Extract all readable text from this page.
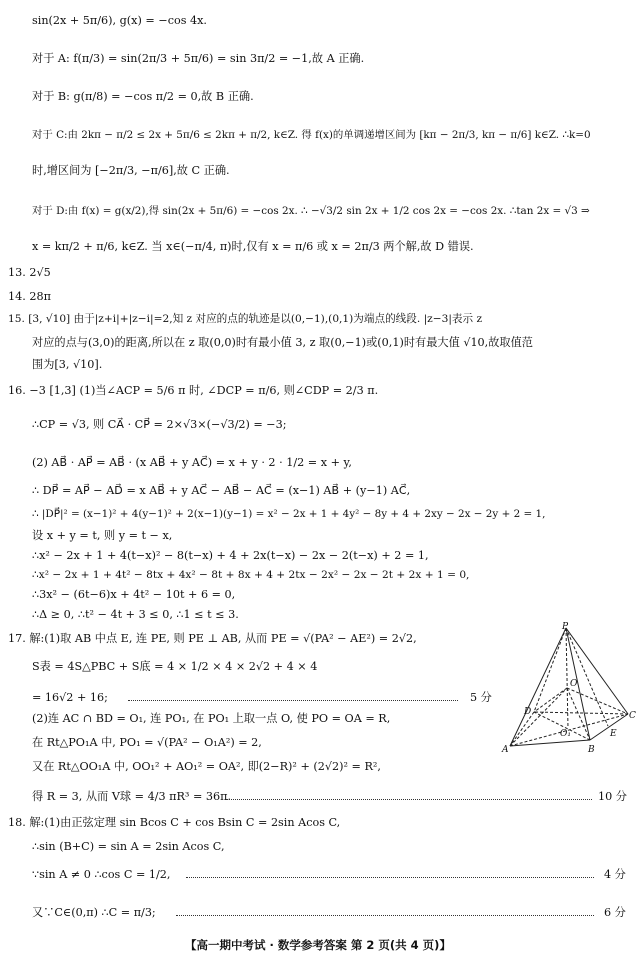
sin(2x + 5π/6), g(x) = −cos 4x.
对于 A: f(π/3) = sin(2π/3 + 5π/6) = sin 3π/2 = −1,故 A 正确.
对于 B: g(π/8) = −cos π/2 = 0,故 B 正确.
对于 C:由 2kπ − π/2 ≤ 2x + 5π/6 ≤ 2kπ + π/2, k∈Z. 得 f(x)的单调递增区间为 [kπ − 2π/3, kπ − π/6] k∈Z. ∴k=0
时,增区间为 [−2π/3, −π/6],故 C 正确.
对于 D:由 f(x) = g(x/2),得 sin(2x + 5π/6) = −cos 2x. ∴ −√3/2 sin 2x + 1/2 cos 2x = −cos 2x. ∴tan 2x = √3 ⇒
x = kπ/2 + π/6, k∈Z. 当 x∈(−π/4, π)时,仅有 x = π/6 或 x = 2π/3 两个解,故 D 错误.
13. 2√5
14. 28π
15. [3, √10] 由于|z+i|+|z−i|=2,知 z 对应的点的轨迹是以(0,−1),(0,1)为端点的线段. |z−3|表示 z
对应的点与(3,0)的距离,所以在 z 取(0,0)时有最小值 3, z 取(0,−1)或(0,1)时有最大值 √10,故取值范
围为[3, √10].
16. −3 [1,3] (1)当∠ACP = 5/6 π 时, ∠DCP = π/6, 则∠CDP = 2/3 π.
∴CP = √3, 则 CA⃗ · CP⃗ = 2×√3×(−√3/2) = −3;
(2) AB⃗ · AP⃗ = AB⃗ · (x AB⃗ + y AC⃗) = x + y · 2 · 1/2 = x + y,
∴ DP⃗ = AP⃗ − AD⃗ = x AB⃗ + y AC⃗ − AB⃗ − AC⃗ = (x−1) AB⃗ + (y−1) AC⃗,
∴ |DP⃗|² = (x−1)² + 4(y−1)² + 2(x−1)(y−1) = x² − 2x + 1 + 4y² − 8y + 4 + 2xy − 2x − 2y + 2 = 1,
设 x + y = t, 则 y = t − x,
∴x² − 2x + 1 + 4(t−x)² − 8(t−x) + 4 + 2x(t−x) − 2x − 2(t−x) + 2 = 1,
∴x² − 2x + 1 + 4t² − 8tx + 4x² − 8t + 8x + 4 + 2tx − 2x² − 2x − 2t + 2x + 1 = 0,
∴3x² − (6t−6)x + 4t² − 10t + 6 = 0,
∴Δ ≥ 0, ∴t² − 4t + 3 ≤ 0, ∴1 ≤ t ≤ 3.
17. 解:(1)取 AB 中点 E, 连 PE, 则 PE ⊥ AB, 从而 PE = √(PA² − AE²) = 2√2,
S表 = 4S△PBC + S底 = 4 × 1/2 × 4 × 2√2 + 4 × 4
= 16√2 + 16;	5 分
(2)连 AC ∩ BD = O₁, 连 PO₁, 在 PO₁ 上取一点 O, 使 PO = OA = R,
在 Rt△PO₁A 中, PO₁ = √(PA² − O₁A²) = 2,
又在 Rt△OO₁A 中, OO₁² + AO₁² = OA², 即(2−R)² + (2√2)² = R²,
得 R = 3, 从而 V球 = 4/3 πR³ = 36π.	10 分
18. 解:(1)由正弦定理 sin Bcos C + cos Bsin C = 2sin Acos C,
∴sin (B+C) = sin A = 2sin Acos C,
∵sin A ≠ 0 ∴cos C = 1/2,	4 分
又∵C∈(0,π) ∴C = π/3;	6 分
P
O
D
E
C
A
O₁
B
【高一期中考试 · 数学参考答案 第 2 页(共 4 页)】
